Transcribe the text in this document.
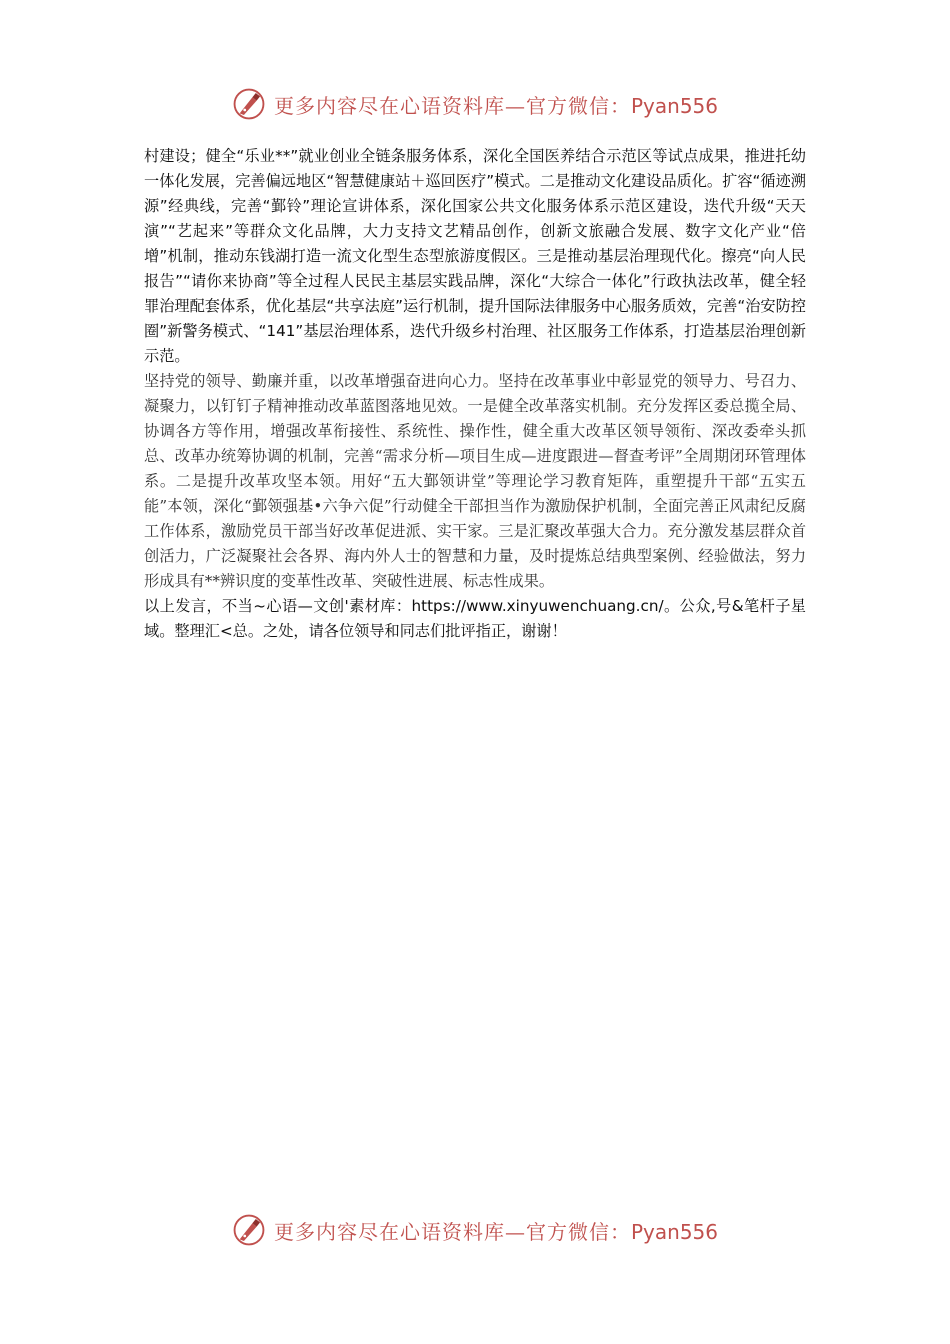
更多内容尽在心语资料库—官方微信：Pyan556

村建设；健全“乐业**”就业创业全链条服务体系，深化全国医养结合示范区等试点成果，推进托幼一体化发展，完善偏远地区“智慧健康站＋巡回医疗”模式。二是推动文化建设品质化。扩容“循迹溯源”经典线，完善“鄞铃”理论宣讲体系，深化国家公共文化服务体系示范区建设，迭代升级“天天演”“艺起来”等群众文化品牌，大力支持文艺精品创作，创新文旅融合发展、数字文化产业“倍增”机制，推动东钱湖打造一流文化型生态型旅游度假区。三是推动基层治理现代化。擦亮“向人民报告”“请你来协商”等全过程人民民主基层实践品牌，深化“大综合一体化”行政执法改革，健全轻罪治理配套体系，优化基层“共享法庭”运行机制，提升国际法律服务中心服务质效，完善“治安防控圈”新警务模式、“141”基层治理体系，迭代升级乡村治理、社区服务工作体系，打造基层治理创新示范。

坚持党的领导、勤廉并重，以改革增强奋进向心力。坚持在改革事业中彰显党的领导力、号召力、凝聚力，以钉钉子精神推动改革蓝图落地见效。一是健全改革落实机制。充分发挥区委总揽全局、协调各方等作用，增强改革衔接性、系统性、操作性，健全重大改革区领导领衔、深改委牵头抓总、改革办统筹协调的机制，完善“需求分析—项目生成—进度跟进—督查考评”全周期闭环管理体系。二是提升改革攻坚本领。用好“五大鄞领讲堂”等理论学习教育矩阵，重塑提升干部“五实五能”本领，深化“鄞领强基•六争六促”行动健全干部担当作为激励保护机制，全面完善正风肃纪反腐工作体系，激励党员干部当好改革促进派、实干家。三是汇聚改革强大合力。充分激发基层群众首创活力，广泛凝聚社会各界、海内外人士的智慧和力量，及时提炼总结典型案例、经验做法，努力形成具有**辨识度的变革性改革、突破性进展、标志性成果。

以上发言，不当~心语—文创'素材库：https://www.xinyuwenchuang.cn/。公众,号&笔杆子星域。整理汇<总。之处，请各位领导和同志们批评指正，谢谢！

更多内容尽在心语资料库—官方微信：Pyan556
